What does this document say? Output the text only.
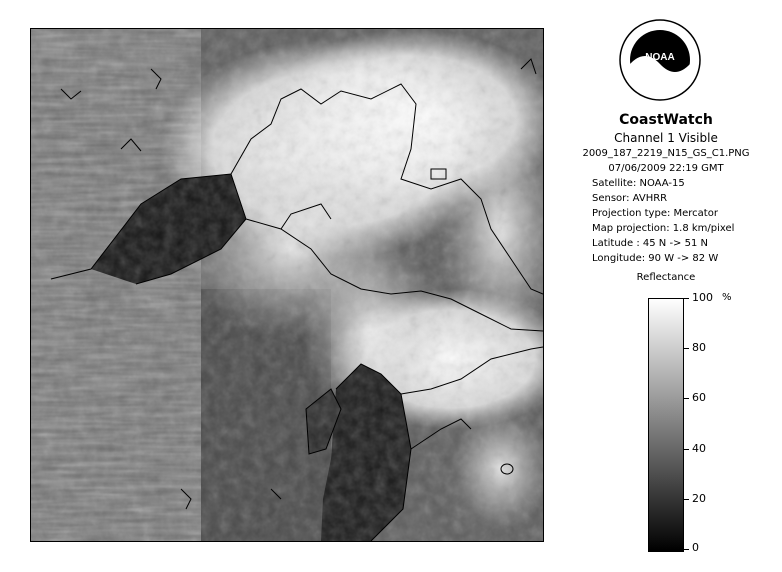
NOAA
CoastWatch
Channel 1 Visible
2009_187_2219_N15_GS_C1.PNG
07/06/2009 22:19 GMT
Satellite: NOAA-15
Sensor: AVHRR
Projection type: Mercator
Map projection: 1.8 km/pixel
Latitude : 45 N -> 51 N
Longitude: 90 W -> 82 W
Reflectance
%
100
80
60
40
20
0
